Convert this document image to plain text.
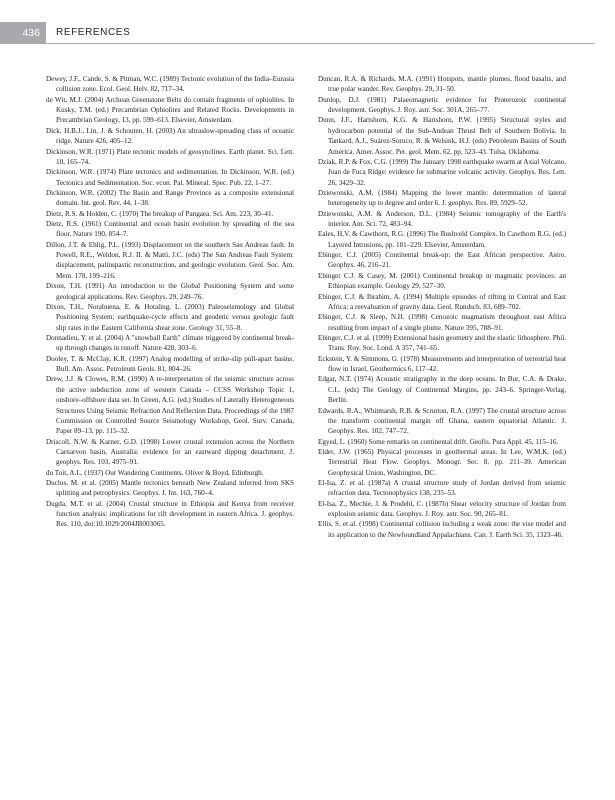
436	REFERENCES

Dewey, J.F., Cande, S. & Pitman, W.C. (1989) Tectonic evolution of the India–Eurasia collision zone. Ecol. Geol. Helv. 82, 717–34.

de Wit, M.J. (2004) Archean Greenstone Belts do contain fragments of ophiolites. In Kusky, T.M. (ed.) Precambrian Ophiolites and Related Rocks. Developments in Precambrian Geology, 13, pp. 599–613. Elsevier, Amsterdam.

Dick, H.B.J., Lin, J. & Schouten, H. (2003) An ultraslow-spreading class of oceanic ridge. Nature 426, 405–12.

Dickinson, W.R. (1971) Plate tectonic models of geosynclines. Earth planet. Sci. Lett. 10, 165–74.

Dickinson, W.R. (1974) Plate tectonics and sedimentation. In Dickinson, W.R. (ed.) Tectonics and Sedimentation. Soc. econ. Pal. Mineral. Spec. Pub. 22, 1–27.

Dickinson, W.R. (2002) The Basin and Range Province as a composite extensional domain. Int. geol. Rev. 44, 1–38.

Dietz, R.S. & Holden, C. (1970) The breakup of Pangaea. Sci. Am. 223, 30–41.

Dietz, R.S. (1961) Continental and ocean basin evolution by spreading of the sea floor. Nature 190, 854–7.

Dillon, J.T. & Ehlig, P.L. (1993) Displacement on the southern San Andreas fault. In Powell, R.E., Weldon, R.J. II. & Matti, J.C. (eds) The San Andreas Fault System: displacement, palinspastic reconstruction, and geologic evolution. Geol. Soc. Am. Mem. 178, 199–216.

Dixon, T.H. (1991) An introduction to the Global Positioning System and some geological applications. Rev. Geophys. 29, 249–76.

Dixon, T.H., Norabuena, E. & Hotaling, L. (2003) Paleoseismology and Global Positioning System; earthquake-cycle effects and geodetic versus geologic fault slip rates in the Eastern California shear zone. Geology 31, 55–8.

Donnadieu, Y. et al. (2004) A "snowball Earth" climate triggered by continental break-up through changes in runoff. Nature 428, 303–6.

Dooley, T. & McClay, K.R. (1997) Analog modelling of strike-slip pull-apart basins. Bull. Am. Assoc. Petroleum Geols. 81, 804–26.

Drew, J.J. & Clowes, R.M. (1990) A re-interpretation of the seismic structure across the active subduction zone of western Canada – CCSS Workshop Topic 1, onshore–offshore data set. In Green, A.G. (ed.) Studies of Laterally Heterogeneous Structures Using Seismic Refraction And Reflection Data. Proceedings of the 1987 Commission on Controlled Source Seismology Workshop, Geol. Surv. Canada, Paper 89–13, pp. 115–32.

Driscoll, N.W. & Karner, G.D. (1998) Lower crustal extension across the Northern Carnarvon basin, Australia: evidence for an eastward dipping detachment. J. geophys. Res. 103, 4975–91.

du Toit, A.L. (1937) Our Wandering Continents. Oliver & Boyd, Edinburgh.

Duclos, M. et al. (2005) Mantle tectonics beneath New Zealand inferred from SKS splitting and petrophysics. Geophys. J. Int. 163, 760–4.

Dugda, M.T. et al. (2004) Crustal structure in Ethiopia and Kenya from receiver function analysis: implications for rift development in eastern Africa. J. geophys. Res. 110, doi:10.1029/2004JB003065.

Duncan, R.A. & Richards, M.A. (1991) Hotspots, mantle plumes, flood basalts, and true polar wander. Rev. Geophys. 29, 31–50.

Dunlop, D.J. (1981) Palaeomagnetic evidence for Proterozoic continental development. Geophys. J. Roy. astr. Soc. 301A, 265–77.

Dunn, J.F., Hartshorn, K.G. & Hartshorn, P.W. (1995) Structural styles and hydrocarbon potential of the Sub-Andean Thrust Belt of Southern Bolivia. In Tankard, A.J., Suárez-Soruco, R. & Welsink, H.J. (eds) Petroleum Basins of South America. Amer. Assoc. Pet. geol. Mem. 62, pp. 523–43. Tulsa, Oklahoma.

Dziak, R.P. & Fox, C.G. (1999) The January 1998 earthquake swarm at Axial Volcano, Juan de Fuca Ridge: evidence for submarine volcanic activity. Geophys. Res. Lett. 26, 3429–32.

Dziewonski, A.M. (1984) Mapping the lower mantle: determination of lateral heterogeneity up to degree and order 6. J. geophys. Res. 89, 5929–52.

Dziewonski, A.M. & Anderson, D.L. (1984) Seismic tomography of the Earth's interior. Am. Sci. 72, 483–94.

Eales, H.V. & Cawthorn, R.G. (1996) The Bushveld Complex. In Cawthorn R.G. (ed.) Layered Intrusions, pp. 181–229. Elsevier, Amsterdam.

Ebinger, C.J. (2005) Continental break-up: the East African perspective. Astro. Geophys. 46, 216–21.

Ebinger C.J. & Casey, M. (2001) Continental breakup in magmatic provinces: an Ethiopian example. Geology 29, 527–30.

Ebinger, C.J. & Ibrahim, A. (1994) Multiple episodes of rifting in Central and East Africa: a reevaluation of gravity data. Geol. Rundsch. 83, 689–702.

Ebinger, C.J. & Sleep, N.H. (1998) Cenozoic magmatism throughout east Africa resulting from impact of a single plume. Nature 395, 788–91.

Ebinger, C.J. et al. (1999) Extensional basin geometry and the elastic lithosphere. Phil. Trans. Roy. Soc. Lond. A 357, 741–65.

Eckstein, Y. & Simmons, G. (1978) Measurements and interpretation of terrestrial heat flow in Israel, Geothermics 6, 117–42.

Edgar, N.T. (1974) Acoustic stratigraphy in the deep oceans. In Bur, C.A. & Drake, C.L. (eds) The Geology of Continental Margins, pp. 243–6. Springer-Verlag, Berlin.

Edwards, R.A., Whitmarsh, R.B. & Scrutton, R.A. (1997) The crustal structure across the transform continental margin off Ghana, eastern equatorial Atlantic. J. Geophys. Res. 102, 747–72.

Egyed, L. (1960) Some remarks on continental drift. Geofis. Pura Appl. 45, 115–16.

Elder, J.W. (1965) Physical processes in geothermal areas. In Lee, W.M.K. (ed.) Terrestrial Heat Flow. Geophys. Monogr. Ser. 8, pp. 211–39. American Geophysical Union, Washington, DC.

El-Isa, Z. et al. (1987a) A crustal structure study of Jordan derived from seismic refraction data. Tectonophysics 138, 235–53.

El-Isa, Z., Mechie, J. & Prodehl, C. (1987b) Shear velocity structure of Jordan from explosion seismic data. Geophys. J. Roy. astr. Soc. 90, 265–81.

Ellis, S. et al. (1998) Continental collision including a weak zone: the vise model and its application to the Newfoundland Appalachians. Can. J. Earth Sci. 35, 1323–46.
